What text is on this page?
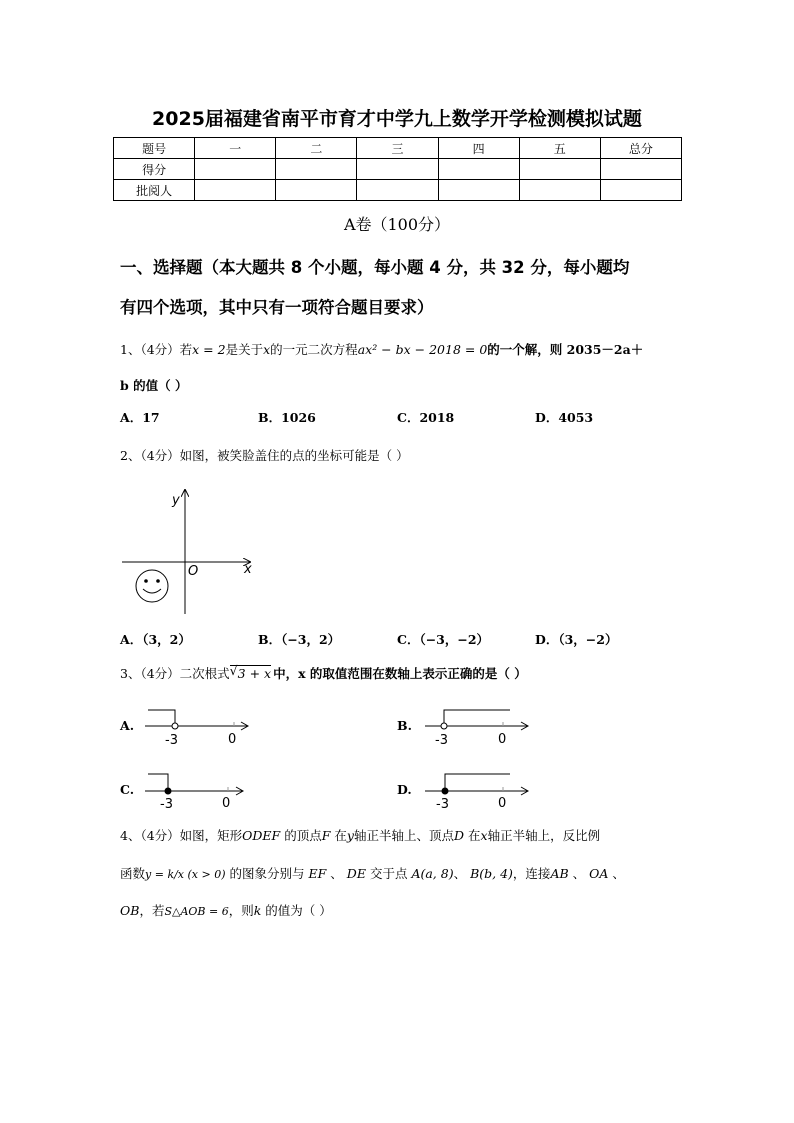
2025届福建省南平市育才中学九上数学开学检测模拟试题
题号	一	二	三	四	五	总分
得分						
批阅人						
A卷（100分）
一、选择题（本大题共 8 个小题，每小题 4 分，共 32 分，每小题均
有四个选项，其中只有一项符合题目要求）
1、（4分）若x = 2是关于x的一元二次方程ax² − bx − 2018 = 0的一个解，则 2035－2a＋
b 的值（ ）
A．17	B．1026	C．2018	D．4053
2、（4分）如图，被笑脸盖住的点的坐标可能是（ ）
y
x
O
A．（3，2）	B．（−3，2）	C．（−3，−2）	D．（3，−2）
3、（4分）二次根式 √ 3 + x 中，x 的取值范围在数轴上表示正确的是（ ）
A.
-3	0
B.
-3	0
C.
-3	0
D.
-3	0
4、（4分）如图，矩形ODEF 的顶点F 在y轴正半轴上、顶点D 在x轴正半轴上，反比例
函数y = k/x (x > 0) 的图象分别与 EF 、 DE 交于点 A(a, 8)、 B(b, 4)，连接AB 、 OA 、
OB，若S△AOB = 6，则k 的值为（ ）
